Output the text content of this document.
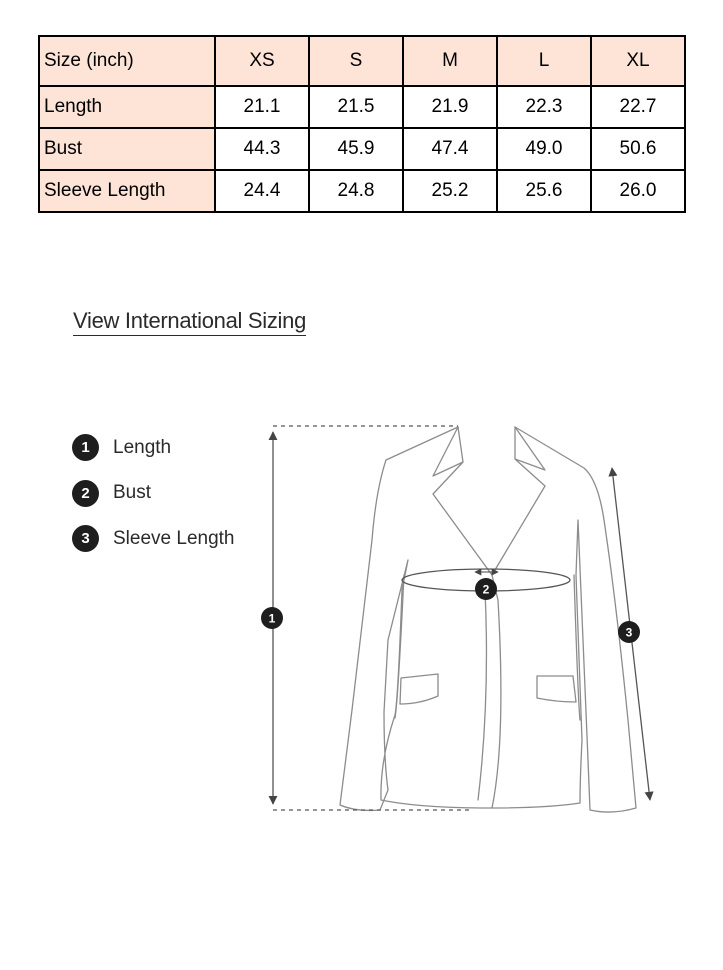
Size (inch)	XS	S	M	L	XL
Length	21.1	21.5	21.9	22.3	22.7
Bust	44.3	45.9	47.4	49.0	50.6
Sleeve Length	24.4	24.8	25.2	25.6	26.0
View International Sizing
1	Length
2	Bust
3	Sleeve Length
1
2
3
